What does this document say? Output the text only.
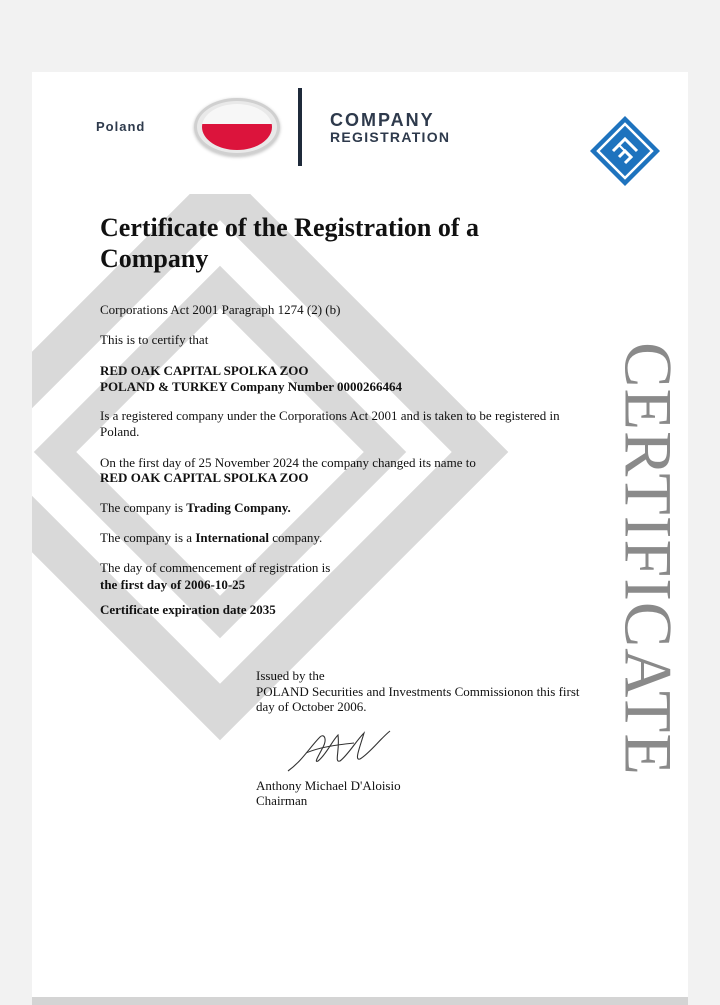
Poland	COMPANY
REGISTRATION
Certificate of the Registration of a Company

Corporations Act 2001 Paragraph 1274 (2) (b)

This is to certify that

RED OAK CAPITAL SPOLKA ZOO

POLAND & TURKEY Company Number 0000266464

Is a registered company under the Corporations Act 2001 and is taken to be registered in Poland.

On the first day of 25 November 2024 the company changed its name to

RED OAK CAPITAL SPOLKA ZOO

The company is Trading Company.

The company is a International company.

The day of commencement of registration is

the first day of 2006-10-25

Certificate expiration date 2035

Issued by the
POLAND Securities and Investments Commissionon this first day of October 2006.
Anthony Michael D'Aloisio
Chairman
CERTIFICATE
